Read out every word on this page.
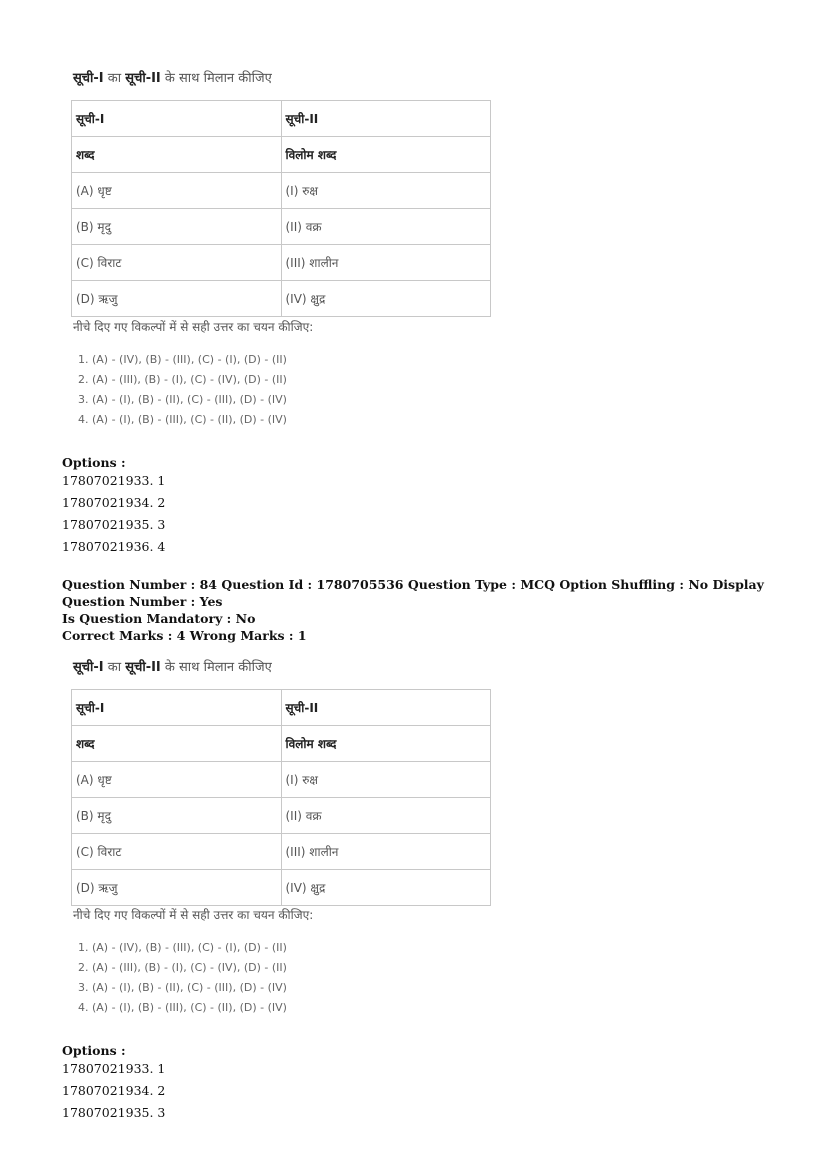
सूची-I का सूची-II के साथ मिलान कीजिए
सूची-I	सूची-II
शब्द	विलोम शब्द
(A) धृष्ट	(I) रुक्ष
(B) मृदु	(II) वक्र
(C) विराट	(III) शालीन
(D) ऋजु	(IV) क्षुद्र
नीचे दिए गए विकल्पों में से सही उत्तर का चयन कीजिए:
1. (A) - (IV), (B) - (III), (C) - (I), (D) - (II)
2. (A) - (III), (B) - (I), (C) - (IV), (D) - (II)
3. (A) - (I), (B) - (II), (C) - (III), (D) - (IV)
4. (A) - (I), (B) - (III), (C) - (II), (D) - (IV)
Options :
17807021933. 1
17807021934. 2
17807021935. 3
17807021936. 4
Question Number : 84 Question Id : 1780705536 Question Type : MCQ Option Shuffling : No Display Question Number : Yes
Is Question Mandatory : No
Correct Marks : 4 Wrong Marks : 1
सूची-I का सूची-II के साथ मिलान कीजिए
सूची-I	सूची-II
शब्द	विलोम शब्द
(A) धृष्ट	(I) रुक्ष
(B) मृदु	(II) वक्र
(C) विराट	(III) शालीन
(D) ऋजु	(IV) क्षुद्र
नीचे दिए गए विकल्पों में से सही उत्तर का चयन कीजिए:
1. (A) - (IV), (B) - (III), (C) - (I), (D) - (II)
2. (A) - (III), (B) - (I), (C) - (IV), (D) - (II)
3. (A) - (I), (B) - (II), (C) - (III), (D) - (IV)
4. (A) - (I), (B) - (III), (C) - (II), (D) - (IV)
Options :
17807021933. 1
17807021934. 2
17807021935. 3
